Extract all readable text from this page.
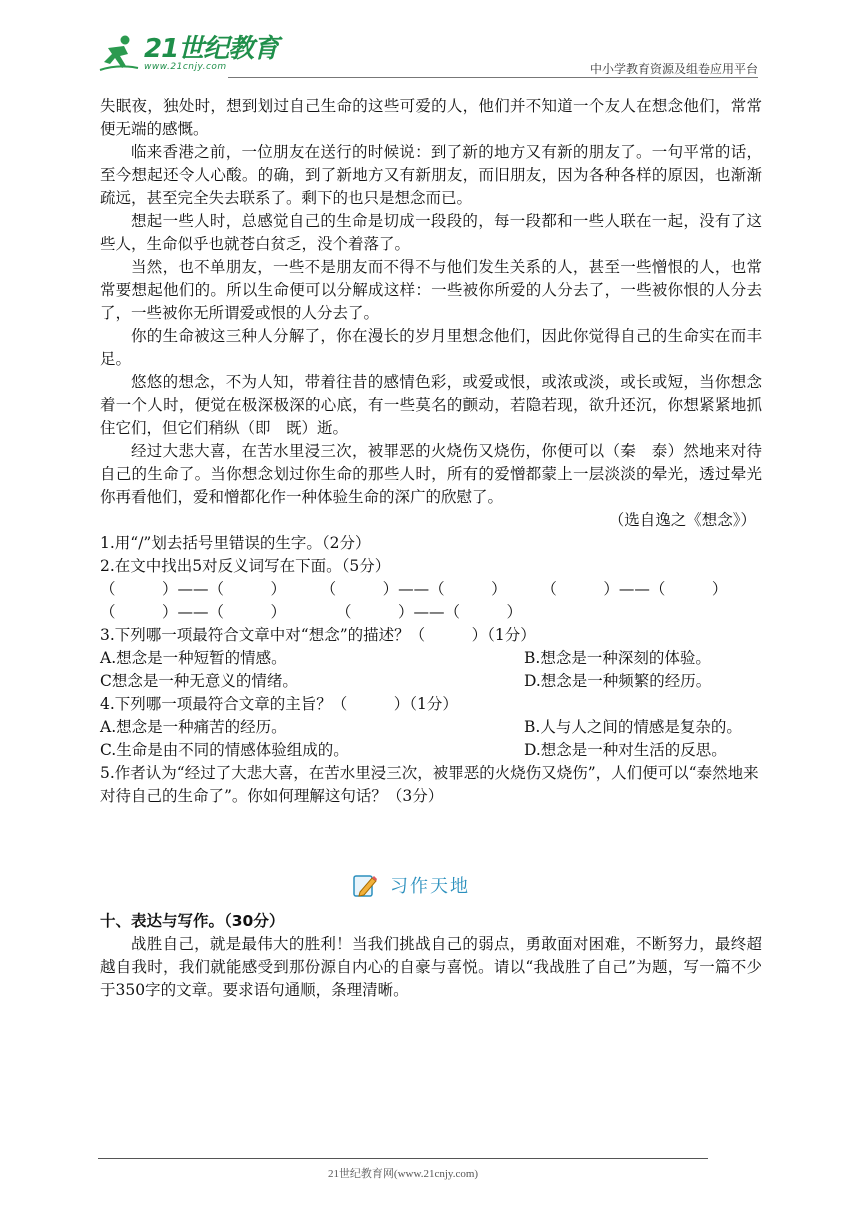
21世纪教育
www.21cnjy.com	中小学教育资源及组卷应用平台

失眠夜，独处时，想到划过自己生命的这些可爱的人，他们并不知道一个友人在想念他们，常常便无端的感慨。

临来香港之前，一位朋友在送行的时候说：到了新的地方又有新的朋友了。一句平常的话，至今想起还令人心酸。的确，到了新地方又有新朋友，而旧朋友，因为各种各样的原因，也渐渐疏远，甚至完全失去联系了。剩下的也只是想念而已。

想起一些人时，总感觉自己的生命是切成一段段的，每一段都和一些人联在一起，没有了这些人，生命似乎也就苍白贫乏，没个着落了。

当然，也不单朋友，一些不是朋友而不得不与他们发生关系的人，甚至一些憎恨的人，也常常要想起他们的。所以生命便可以分解成这样：一些被你所爱的人分去了，一些被你恨的人分去了，一些被你无所谓爱或恨的人分去了。

你的生命被这三种人分解了，你在漫长的岁月里想念他们，因此你觉得自己的生命实在而丰足。

悠悠的想念，不为人知，带着往昔的感情色彩，或爱或恨，或浓或淡，或长或短，当你想念着一个人时，便觉在极深极深的心底，有一些莫名的颤动，若隐若现，欲升还沉，你想紧紧地抓住它们，但它们稍纵（即　既）逝。

经过大悲大喜，在苦水里浸三次，被罪恶的火烧伤又烧伤，你便可以（秦　泰）然地来对待自己的生命了。当你想念划过你生命的那些人时，所有的爱憎都蒙上一层淡淡的晕光，透过晕光你再看他们，爱和憎都化作一种体验生命的深广的欣慰了。

（选自逸之《想念》）

1.用“/”划去括号里错误的生字。（2分）

2.在文中找出5对反义词写在下面。（5分）

（　　　）——（　　　）	（　　　）——（　　　）	（　　　）——（　　　）
（　　　）——（　　　）	（　　　）——（　　　）

3.下列哪一项最符合文章中对“想念”的描述？（　　　）（1分）

A.想念是一种短暂的情感。	B.想念是一种深刻的体验。
C想念是一种无意义的情绪。	D.想念是一种频繁的经历。

4.下列哪一项最符合文章的主旨？（　　　）（1分）

A.想念是一种痛苦的经历。	B.人与人之间的情感是复杂的。
C.生命是由不同的情感体验组成的。	D.想念是一种对生活的反思。

5.作者认为“经过了大悲大喜，在苦水里浸三次，被罪恶的火烧伤又烧伤”，人们便可以“泰然地来对待自己的生命了”。你如何理解这句话？（3分）

习作天地
十、表达与写作。（30分）

战胜自己，就是最伟大的胜利！当我们挑战自己的弱点，勇敢面对困难，不断努力，最终超越自我时，我们就能感受到那份源自内心的自豪与喜悦。请以“我战胜了自己”为题，写一篇不少于350字的文章。要求语句通顺，条理清晰。

21世纪教育网(www.21cnjy.com)
